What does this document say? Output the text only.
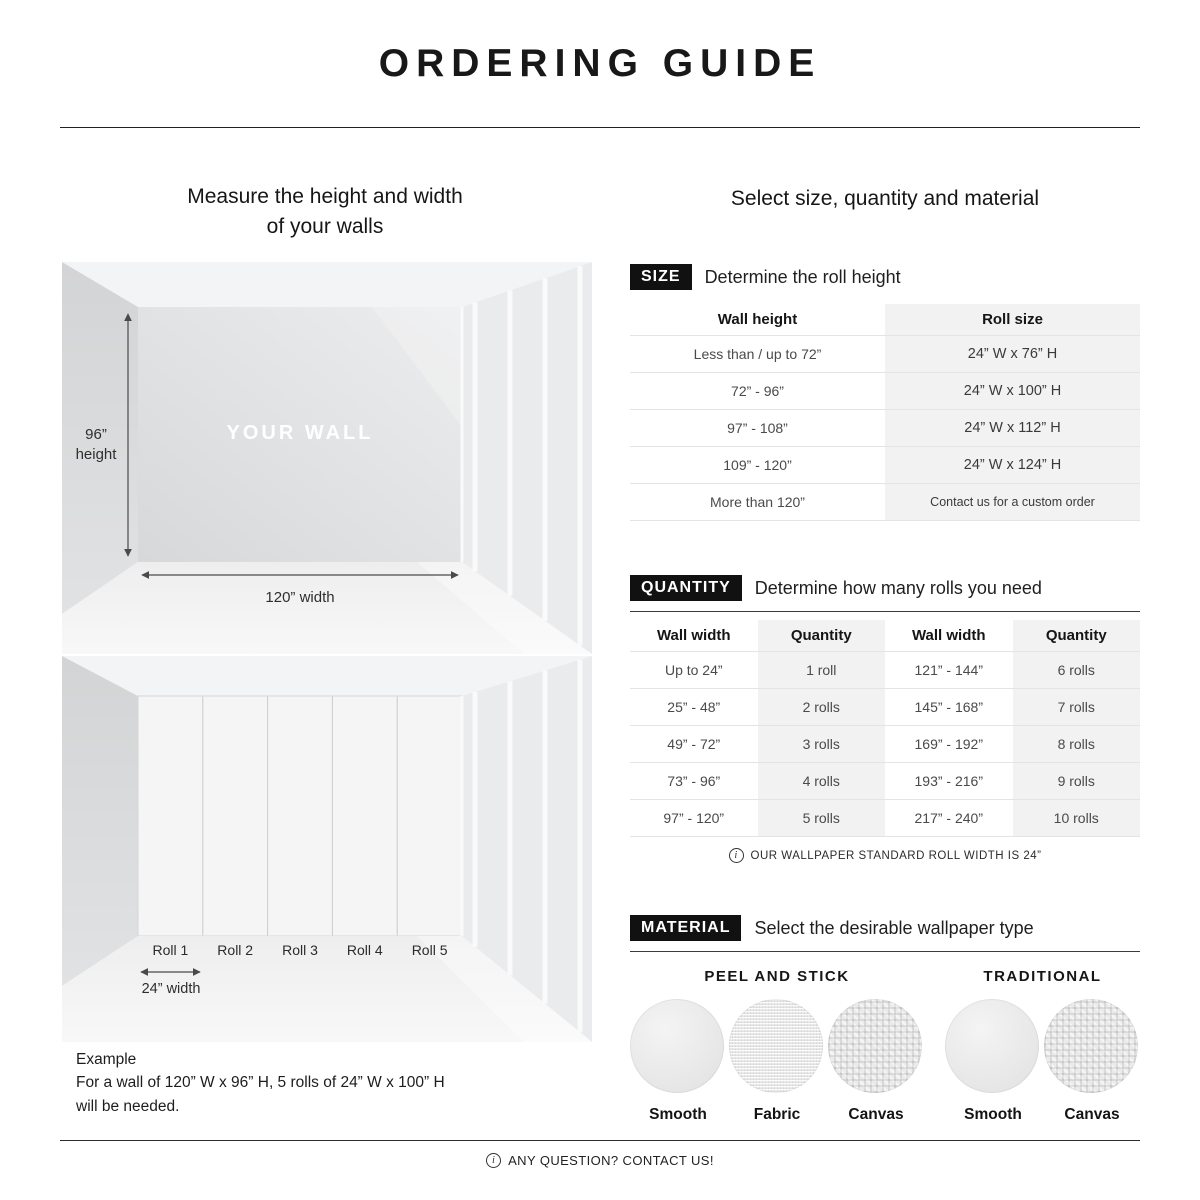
ORDERING GUIDE
Measure the height and width
of your walls
96” height
YOUR WALL
120” width
Roll 1	Roll 2	Roll 3	Roll 4	Roll 5
24” width
Example
For a wall of 120” W x 96” H, 5 rolls of 24” W x 100” H
will be needed.
Select size, quantity and material
SIZE	Determine the roll height
Wall height	Roll size
Less than / up to 72”	24” W x 76” H
72” - 96”	24” W x 100” H
97” - 108”	24” W x 112” H
109” - 120”	24” W x 124” H
More than 120”	Contact us for a custom order
QUANTITY	Determine how many rolls you need
Wall width	Quantity	Wall width	Quantity
Up to 24”	1 roll	121” - 144”	6 rolls
25” - 48”	2 rolls	145” - 168”	7 rolls
49” - 72”	3 rolls	169” - 192”	8 rolls
73” - 96”	4 rolls	193” - 216”	9 rolls
97” - 120”	5 rolls	217” - 240”	10 rolls
i
OUR WALLPAPER STANDARD ROLL WIDTH IS 24”
MATERIAL	Select the desirable wallpaper type
PEEL AND STICK
Smooth	Fabric	Canvas
TRADITIONAL
Smooth	Canvas
i
ANY QUESTION? CONTACT US!
